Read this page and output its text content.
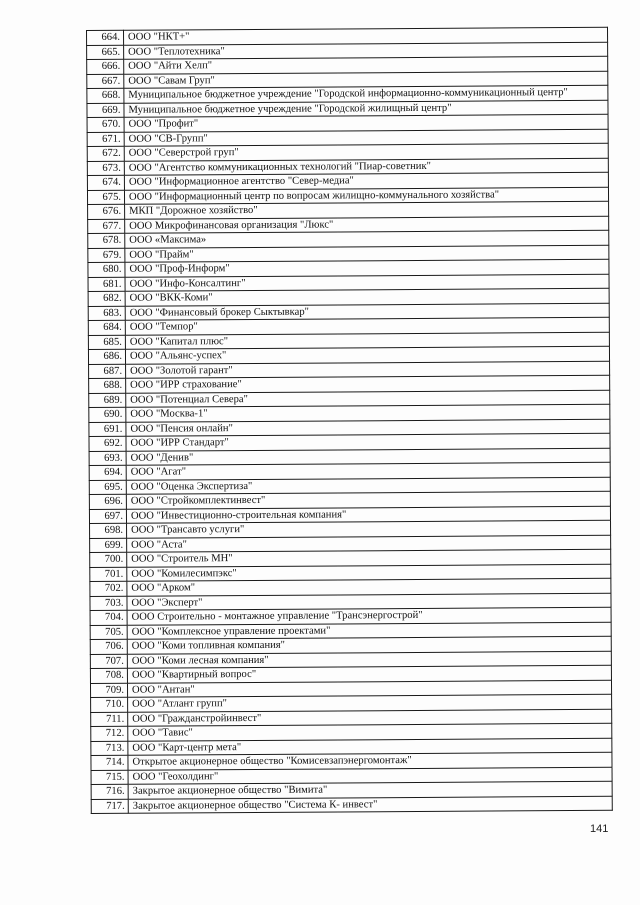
664.	ООО "НКТ+"
665.	ООО "Теплотехника"
666.	ООО "Айти Хелп"
667.	ООО "Савам Груп"
668.	Муниципальное бюджетное учреждение "Городской информационно-коммуникационный центр"
669.	Муниципальное бюджетное учреждение "Городской жилищный центр"
670.	ООО "Профит"
671.	ООО "СВ-Групп"
672.	ООО "Северстрой груп"
673.	ООО "Агентство коммуникационных технологий "Пиар-советник"
674.	ООО "Информационное агентство "Север-медиа"
675.	ООО "Информационный центр по вопросам жилищно-коммунального хозяйства"
676.	МКП "Дорожное хозяйство"
677.	ООО Микрофинансовая организация "Люкс"
678.	ООО «Максима»
679.	ООО "Прайм"
680.	ООО "Проф-Информ"
681.	ООО "Инфо-Консалтинг"
682.	ООО "ВКК-Коми"
683.	ООО "Финансовый брокер Сыктывкар"
684.	ООО "Темпор"
685.	ООО "Капитал плюс"
686.	ООО "Альянс-успех"
687.	ООО "Золотой гарант"
688.	ООО "ИРР страхование"
689.	ООО "Потенциал Севера"
690.	ООО "Москва-1"
691.	ООО "Пенсия онлайн"
692.	ООО "ИРР Стандарт"
693.	ООО "Денив"
694.	ООО "Агат"
695.	ООО "Оценка Экспертиза"
696.	ООО "Стройкомплектинвест"
697.	ООО "Инвестиционно-строительная компания"
698.	ООО "Трансавто услуги"
699.	ООО "Аста"
700.	ООО "Строитель МН"
701.	ООО "Комилесимпэкс"
702.	ООО "Арком"
703.	ООО "Эксперт"
704.	ООО Строительно - монтажное управление "Трансэнергострой"
705.	ООО "Комплексное управление проектами"
706.	ООО "Коми топливная компания"
707.	ООО "Коми лесная компания"
708.	ООО "Квартирный вопрос"
709.	ООО "Антан"
710.	ООО "Атлант групп"
711.	ООО "Гражданстройинвест"
712.	ООО "Тавис"
713.	ООО "Карт-центр мета"
714.	Открытое акционерное общество "Комисевзапэнергомонтаж"
715.	ООО "Геохолдинг"
716.	Закрытое акционерное общество "Вимита"
717.	Закрытое акционерное общество "Система К- инвест"
141
